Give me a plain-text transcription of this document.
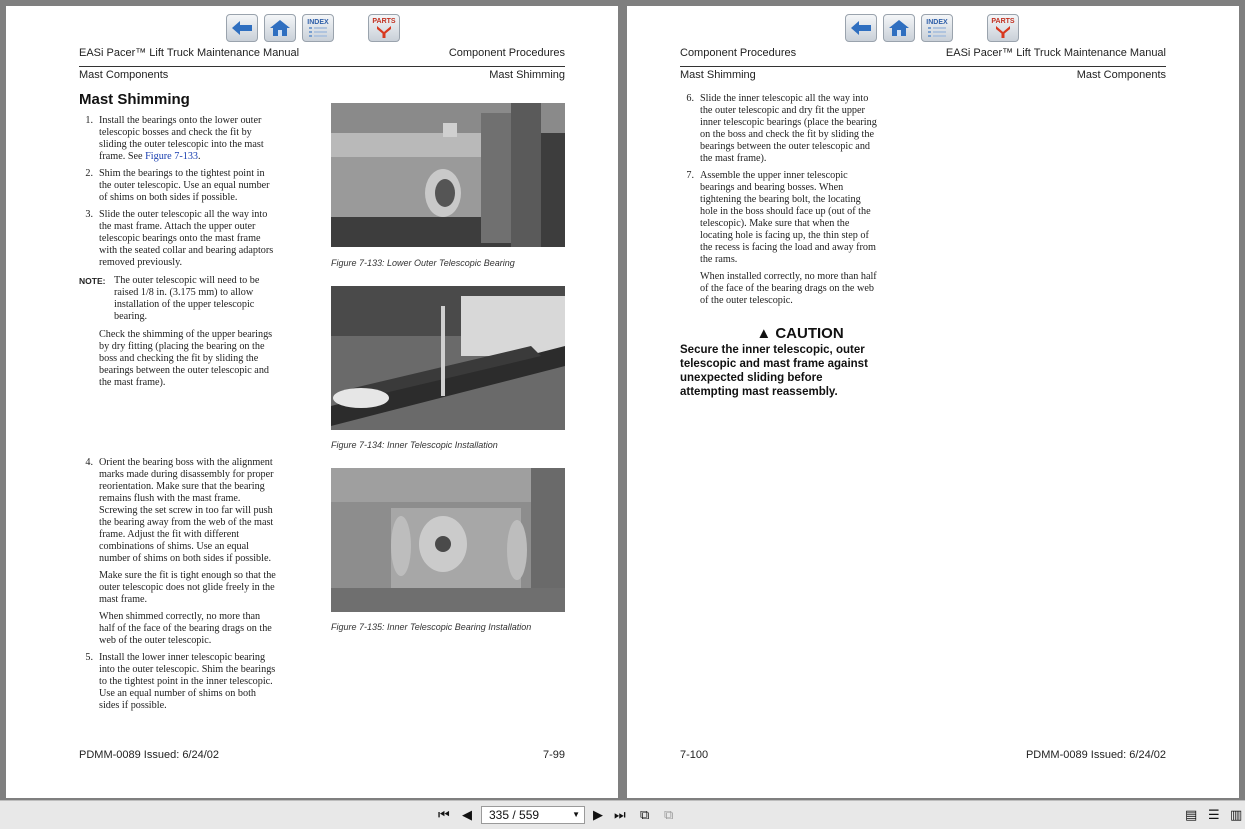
INDEX	PARTS
EASi Pacer™ Lift Truck Maintenance Manual	Component Procedures
Mast Components	Mast Shimming
Mast Shimming
1. Install the bearings onto the lower outer
telescopic bosses and check the fit by
sliding the outer telescopic into the mast
frame. See Figure 7-133.
2. Shim the bearings to the tightest point in
the outer telescopic. Use an equal number
of shims on both sides if possible.
3. Slide the outer telescopic all the way into
the mast frame. Attach the upper outer
telescopic bearings onto the mast frame
with the seated collar and bearing adaptors
removed previously.
NOTE: The outer telescopic will need to be
raised 1/8 in. (3.175 mm) to allow
installation of the upper telescopic
bearing.
Check the shimming of the upper bearings
by dry fitting (placing the bearing on the
boss and checking the fit by sliding the
bearings between the outer telescopic and
the mast frame).
4. Orient the bearing boss with the alignment
marks made during disassembly for proper
reorientation. Make sure that the bearing
remains flush with the mast frame.
Screwing the set screw in too far will push
the bearing away from the web of the mast
frame. Adjust the fit with different
combinations of shims. Use an equal
number of shims on both sides if possible.
Make sure the fit is tight enough so that the
outer telescopic does not glide freely in the
mast frame.
When shimmed correctly, no more than
half of the face of the bearing drags on the
web of the outer telescopic.
5. Install the lower inner telescopic bearing
into the outer telescopic. Shim the bearings
to the tightest point in the inner telescopic.
Use an equal number of shims on both
sides if possible.
Figure 7-133: Lower Outer Telescopic Bearing
Figure 7-134: Inner Telescopic Installation
Figure 7-135: Inner Telescopic Bearing Installation
PDMM-0089 Issued: 6/24/02	7-99
INDEX	PARTS
Component Procedures	EASi Pacer™ Lift Truck Maintenance Manual
Mast Shimming	Mast Components
6. Slide the inner telescopic all the way into
the outer telescopic and dry fit the upper
inner telescopic bearings (place the bearing
on the boss and check the fit by sliding the
bearings between the outer telescopic and
the mast frame).
7. Assemble the upper inner telescopic
bearings and bearing bosses. When
tightening the bearing bolt, the locating
hole in the boss should face up (out of the
telescopic). Make sure that when the
locating hole is facing up, the thin step of
the recess is facing the load and away from
the rams.
When installed correctly, no more than half
of the face of the bearing drags on the web
of the outer telescopic.
▲ CAUTION
Secure the inner telescopic, outer
telescopic and mast frame against
unexpected sliding before
attempting mast reassembly.
7-100	PDMM-0089 Issued: 6/24/02
⏮ ◀ 335 / 559	▼ ▶ ⏭ ⧉ ⧉	▤ ☰ ▥
